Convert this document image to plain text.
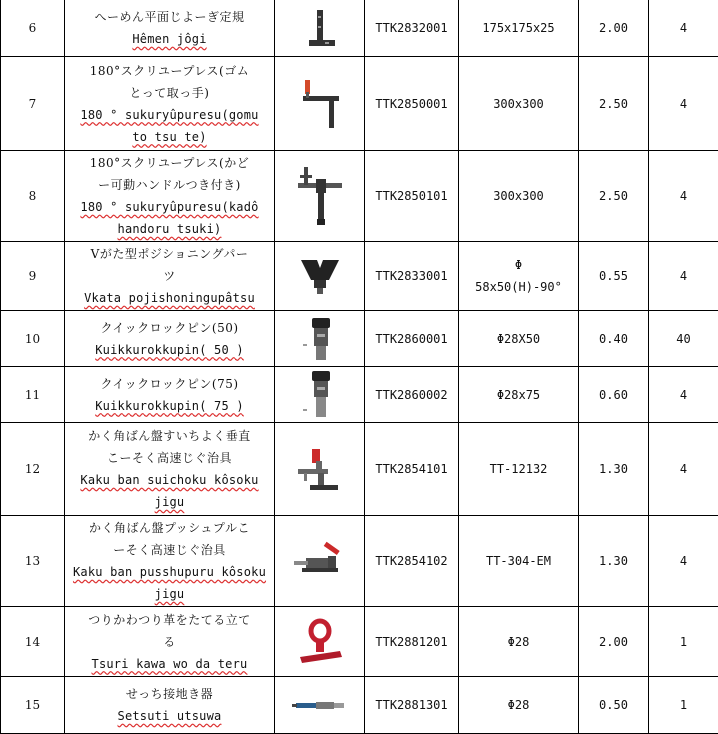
6	へーめん平面じよーぎ定規
Hêmen jôgi		TTK2832001	175x175x25	2.00	4
7	180°スクリユープレス(ゴム
とって取っ手)
180 ° sukuryûpuresu(gomu
to tsu te)		TTK2850001	300x300	2.50	4
8	180°スクリユープレス(かど
ー可動ハンドルつき付き)
180 ° sukuryûpuresu(kadô
handoru tsuki)		TTK2850101	300x300	2.50	4
9	Vがた型ポジショニングパー
ツ
Vkata pojishoningupâtsu		TTK2833001	Φ
58x50(H)-90°	0.55	4
10	クイックロックピン(50)
Kuikkurokkupin( 50 )		TTK2860001	Φ28X50	0.40	40
11	クイックロックピン(75)
Kuikkurokkupin( 75 )		TTK2860002	Φ28x75	0.60	4
12	かく角ばん盤すいちよく垂直
こーそく高速じぐ治具
Kaku ban suichoku kôsoku
jigu		TTK2854101	TT-12132	1.30	4
13	かく角ばん盤プッシュプルこ
ーそく高速じぐ治具
Kaku ban pusshupuru kôsoku
jigu		TTK2854102	TT-304-EM	1.30	4
14	つりかわつり革をたてる立て
る
Tsuri kawa wo da teru		TTK2881201	Φ28	2.00	1
15	せっち接地き器
Setsuti utsuwa		TTK2881301	Φ28	0.50	1
